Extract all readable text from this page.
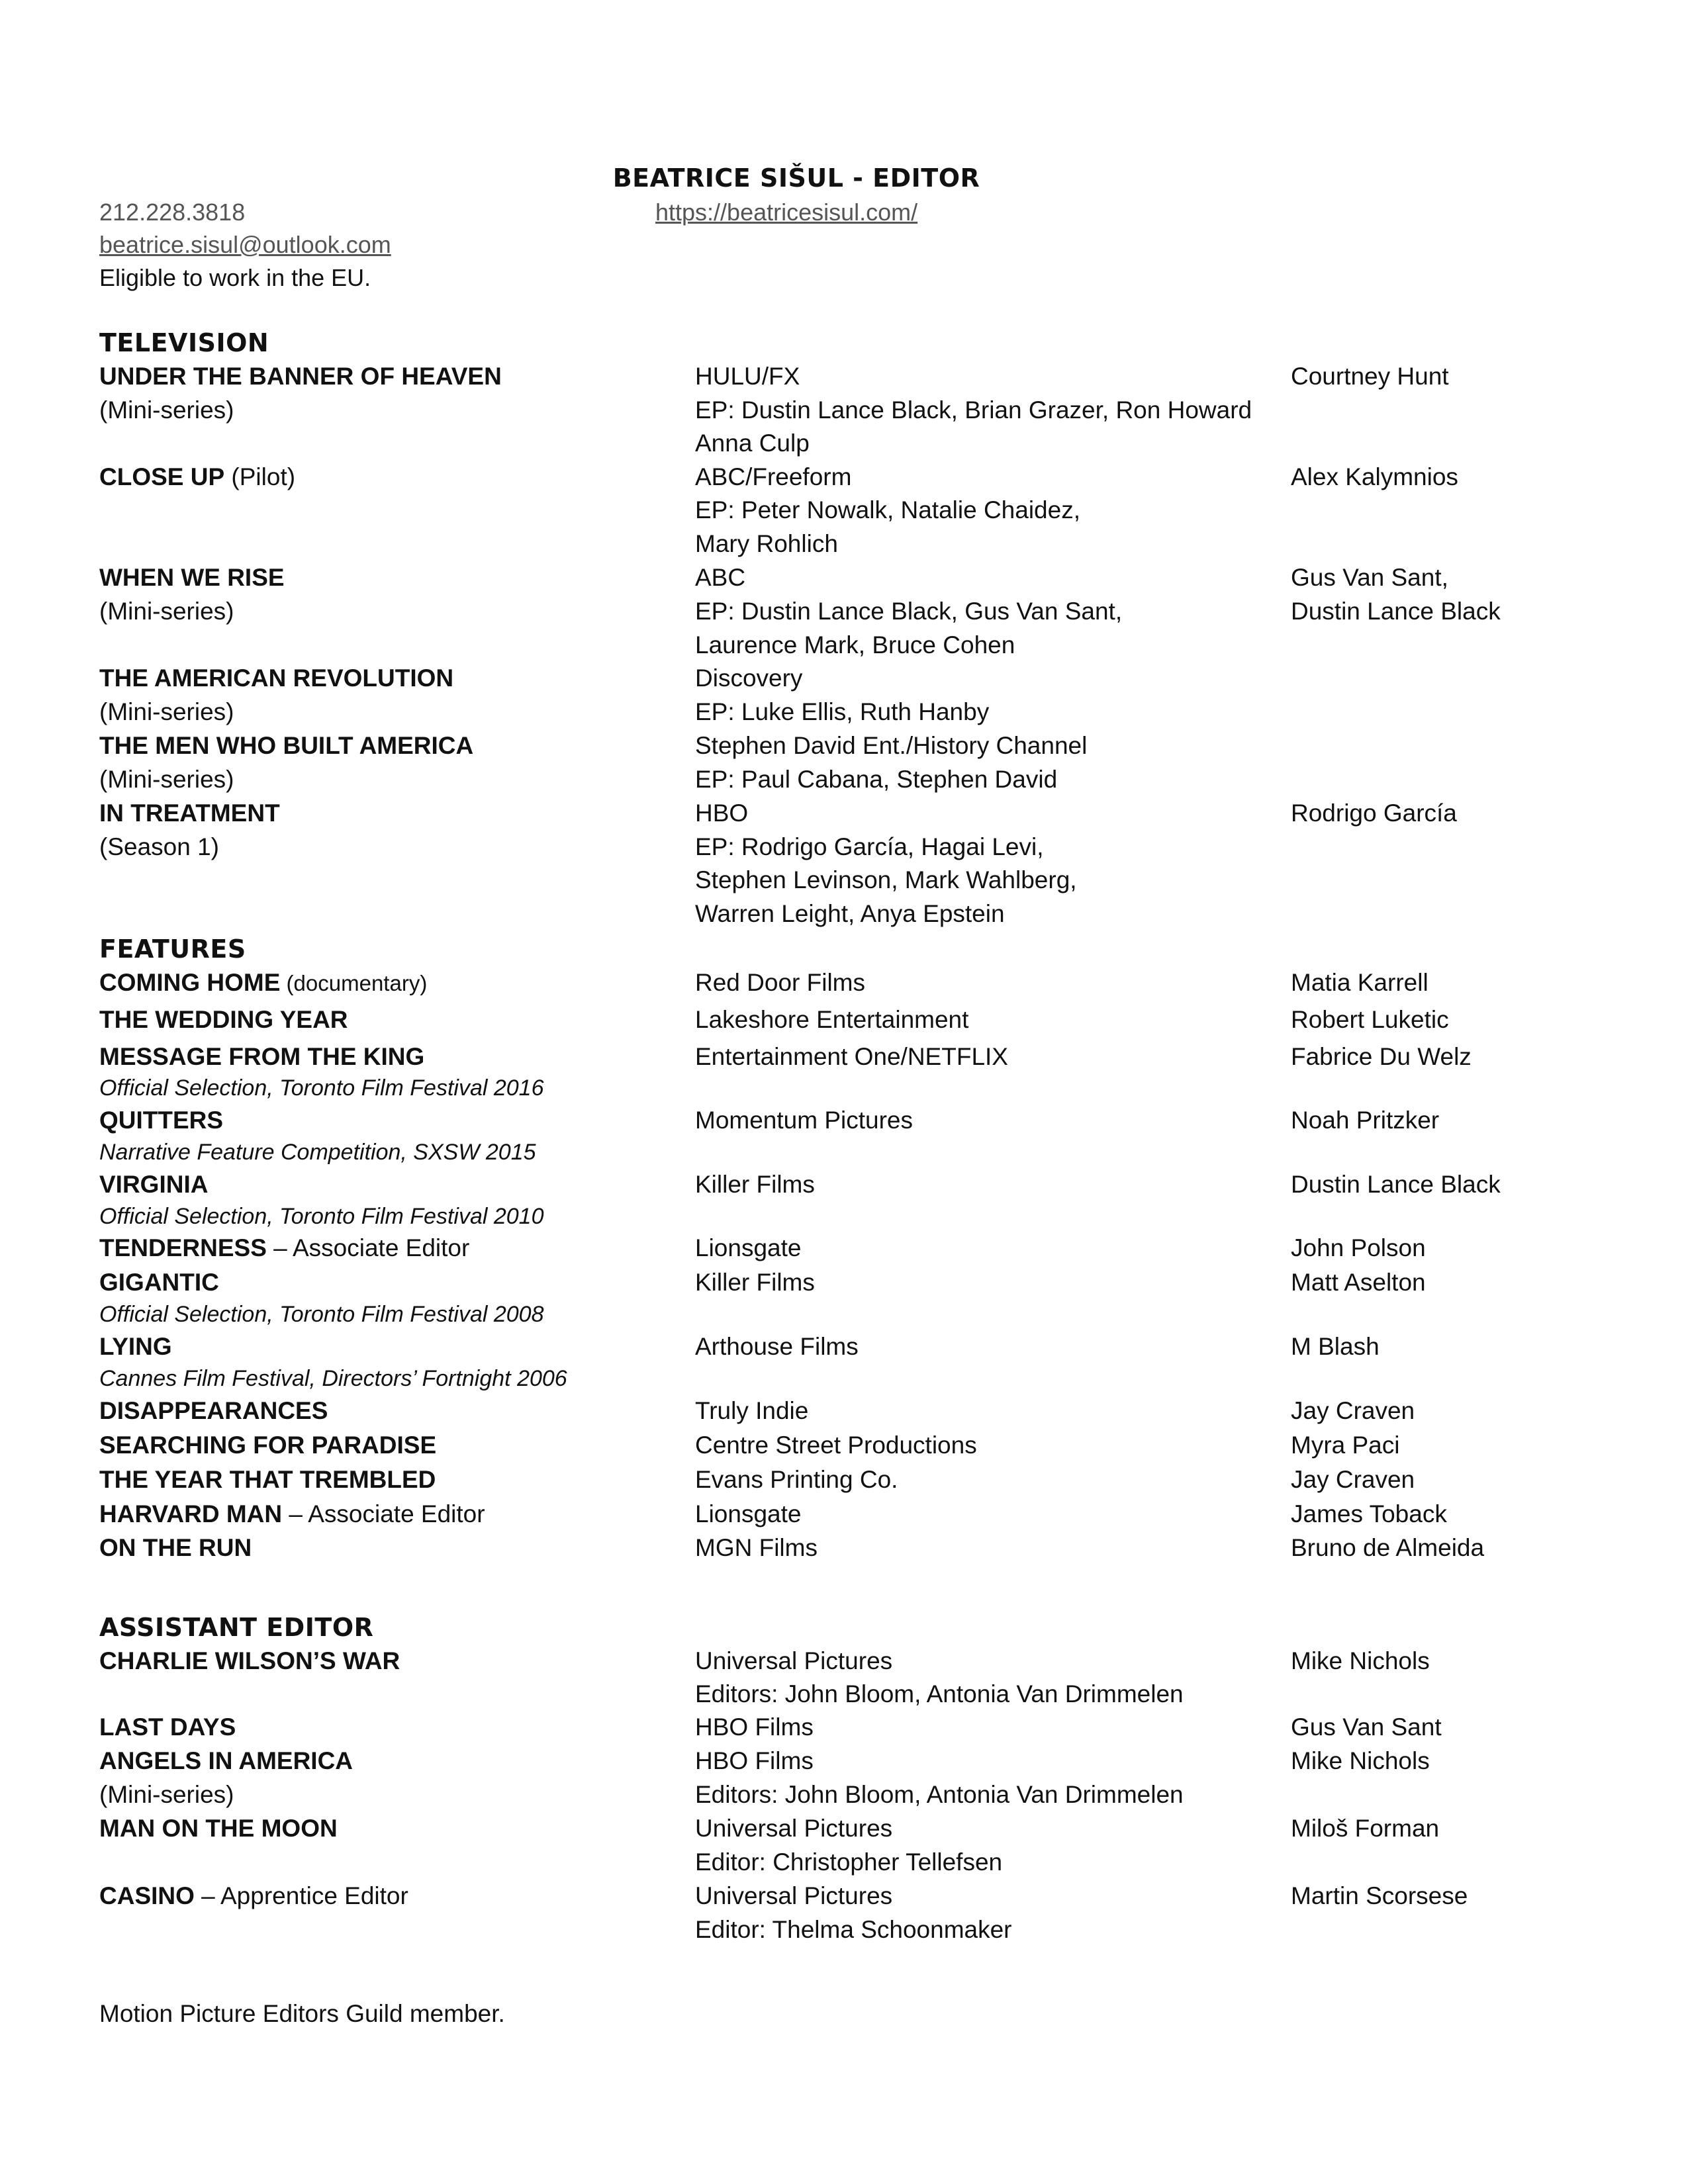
BEATRICE SIŠUL - EDITOR
212.228.3818	https://beatricesisul.com/
beatrice.sisul@outlook.com
Eligible to work in the EU.
TELEVISION
UNDER THE BANNER OF HEAVEN	HULU/FX	Courtney Hunt
(Mini-series)	EP: Dustin Lance Black, Brian Grazer, Ron Howard
Anna Culp
CLOSE UP (Pilot)	ABC/Freeform	Alex Kalymnios
EP: Peter Nowalk, Natalie Chaidez,
Mary Rohlich
WHEN WE RISE	ABC	Gus Van Sant,
(Mini-series)	EP: Dustin Lance Black, Gus Van Sant,	Dustin Lance Black
Laurence Mark, Bruce Cohen
THE AMERICAN REVOLUTION	Discovery
(Mini-series)	EP: Luke Ellis, Ruth Hanby
THE MEN WHO BUILT AMERICA	Stephen David Ent./History Channel
(Mini-series)	EP: Paul Cabana, Stephen David
IN TREATMENT	HBO	Rodrigo García
(Season 1)	EP: Rodrigo García, Hagai Levi,
Stephen Levinson, Mark Wahlberg,
Warren Leight, Anya Epstein
FEATURES
COMING HOME (documentary)	Red Door Films	Matia Karrell
THE WEDDING YEAR	Lakeshore Entertainment	Robert Luketic
MESSAGE FROM THE KING	Entertainment One/NETFLIX	Fabrice Du Welz
Official Selection, Toronto Film Festival 2016
QUITTERS	Momentum Pictures	Noah Pritzker
Narrative Feature Competition, SXSW 2015
VIRGINIA	Killer Films	Dustin Lance Black
Official Selection, Toronto Film Festival 2010
TENDERNESS – Associate Editor	Lionsgate	John Polson
GIGANTIC	Killer Films	Matt Aselton
Official Selection, Toronto Film Festival 2008
LYING	Arthouse Films	M Blash
Cannes Film Festival, Directors’ Fortnight 2006
DISAPPEARANCES	Truly Indie	Jay Craven
SEARCHING FOR PARADISE	Centre Street Productions	Myra Paci
THE YEAR THAT TREMBLED	Evans Printing Co.	Jay Craven
HARVARD MAN – Associate Editor	Lionsgate	James Toback
ON THE RUN	MGN Films	Bruno de Almeida
ASSISTANT EDITOR
CHARLIE WILSON’S WAR	Universal Pictures	Mike Nichols
Editors: John Bloom, Antonia Van Drimmelen
LAST DAYS	HBO Films	Gus Van Sant
ANGELS IN AMERICA	HBO Films	Mike Nichols
(Mini-series)	Editors: John Bloom, Antonia Van Drimmelen
MAN ON THE MOON	Universal Pictures	Miloš Forman
Editor: Christopher Tellefsen
CASINO – Apprentice Editor	Universal Pictures	Martin Scorsese
Editor: Thelma Schoonmaker
Motion Picture Editors Guild member.
